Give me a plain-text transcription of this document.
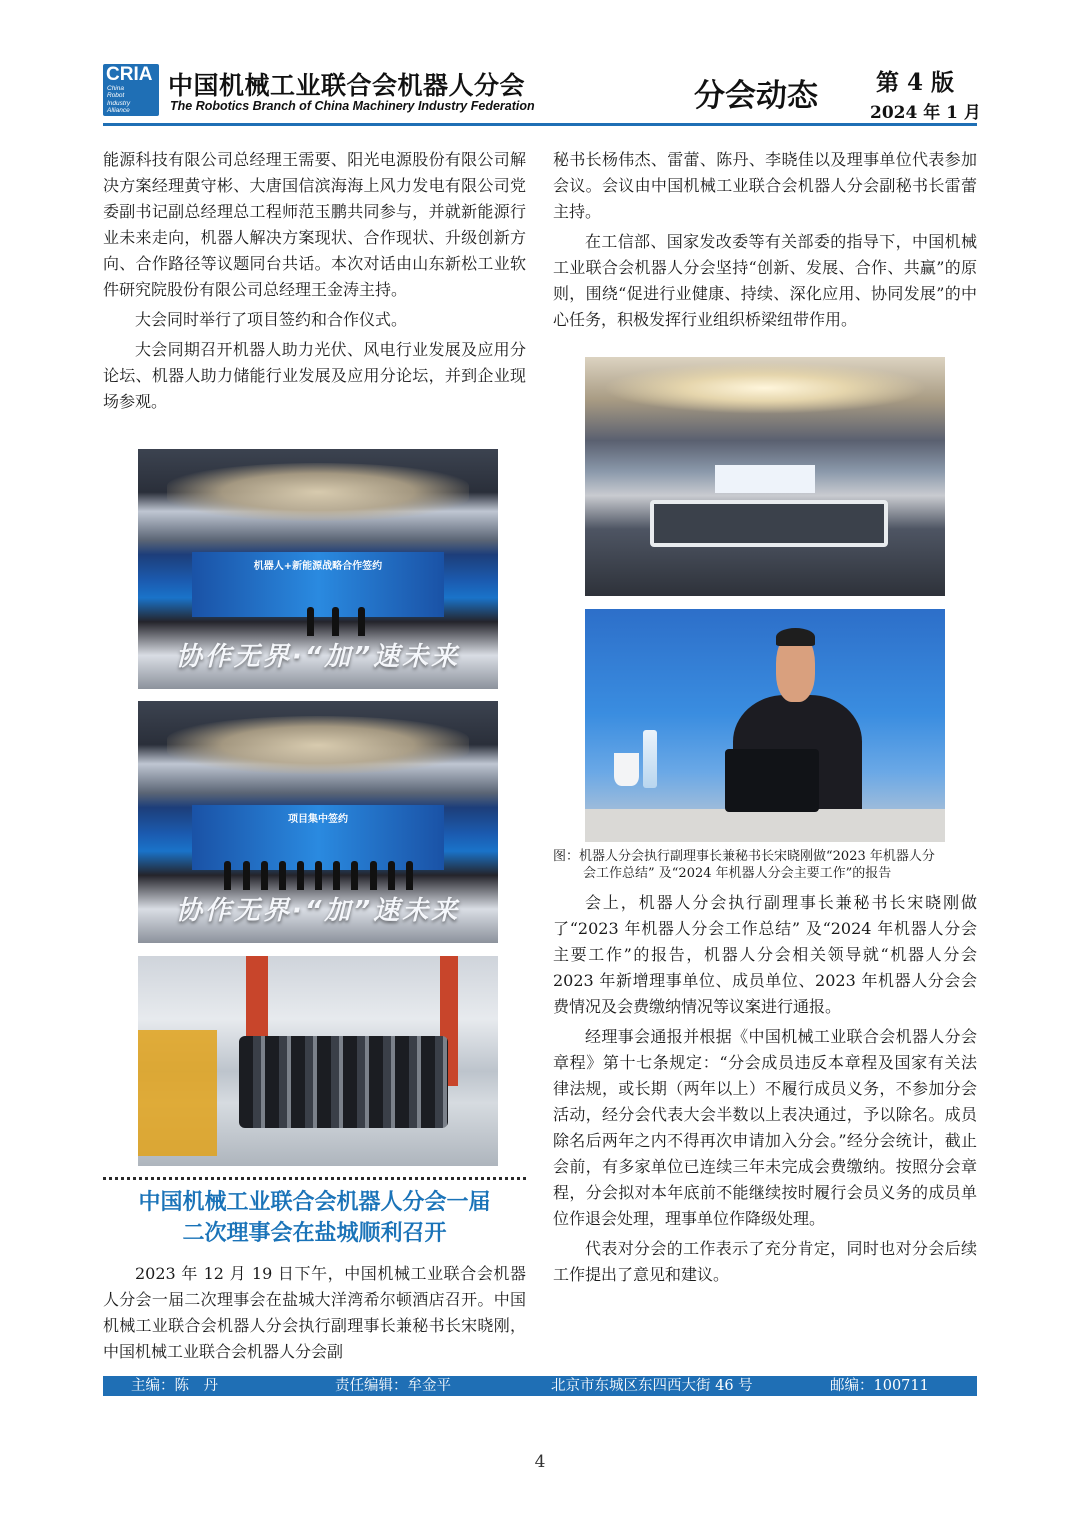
CRIA
China
Robot
Industry
Alliance
中国机械工业联合会机器人分会
The Robotics Branch of China Machinery Industry Federation	分会动态	第 4 版
2024 年 1 月

能源科技有限公司总经理王需要、阳光电源股份有限公司解决方案经理黄守彬、大唐国信滨海海上风力发电有限公司党委副书记副总经理总工程师范玉鹏共同参与，并就新能源行业未来走向，机器人解决方案现状、合作现状、升级创新方向、合作路径等议题同台共话。本次对话由山东新松工业软件研究院股份有限公司总经理王金涛主持。

大会同时举行了项目签约和合作仪式。

大会同期召开机器人助力光伏、风电行业发展及应用分论坛、机器人助力储能行业发展及应用分论坛，并到企业现场参观。

机器人+新能源战略合作签约
协作无界·“加”速未来
项目集中签约
协作无界·“加”速未来
中国机械工业联合会机器人分会一届
二次理事会在盐城顺利召开

2023 年 12 月 19 日下午，中国机械工业联合会机器人分会一届二次理事会在盐城大洋湾希尔顿酒店召开。中国机械工业联合会机器人分会执行副理事长兼秘书长宋晓刚，中国机械工业联合会机器人分会副

秘书长杨伟杰、雷蕾、陈丹、李晓佳以及理事单位代表参加会议。会议由中国机械工业联合会机器人分会副秘书长雷蕾主持。

在工信部、国家发改委等有关部委的指导下，中国机械工业联合会机器人分会坚持“创新、发展、合作、共赢”的原则，围绕“促进行业健康、持续、深化应用、协同发展”的中心任务，积极发挥行业组织桥梁纽带作用。

图：机器人分会执行副理事长兼秘书长宋晓刚做“2023 年机器人分
会工作总结” 及“2024 年机器人分会主要工作”的报告

会上，机器人分会执行副理事长兼秘书长宋晓刚做了“2023 年机器人分会工作总结” 及“2024 年机器人分会主要工作”的报告，机器人分会相关领导就“机器人分会 2023 年新增理事单位、成员单位、2023 年机器人分会会费情况及会费缴纳情况等议案进行通报。

经理事会通报并根据《中国机械工业联合会机器人分会章程》第十七条规定：“分会成员违反本章程及国家有关法律法规，或长期（两年以上）不履行成员义务，不参加分会活动，经分会代表大会半数以上表决通过，予以除名。成员除名后两年之内不得再次申请加入分会。”经分会统计，截止会前，有多家单位已连续三年未完成会费缴纳。按照分会章程，分会拟对本年底前不能继续按时履行会员义务的成员单位作退会处理，理事单位作降级处理。

代表对分会的工作表示了充分肯定，同时也对分会后续工作提出了意见和建议。

主编：陈　丹	责任编辑：牟金平	北京市东城区东四西大街 46 号	邮编：100711
4
